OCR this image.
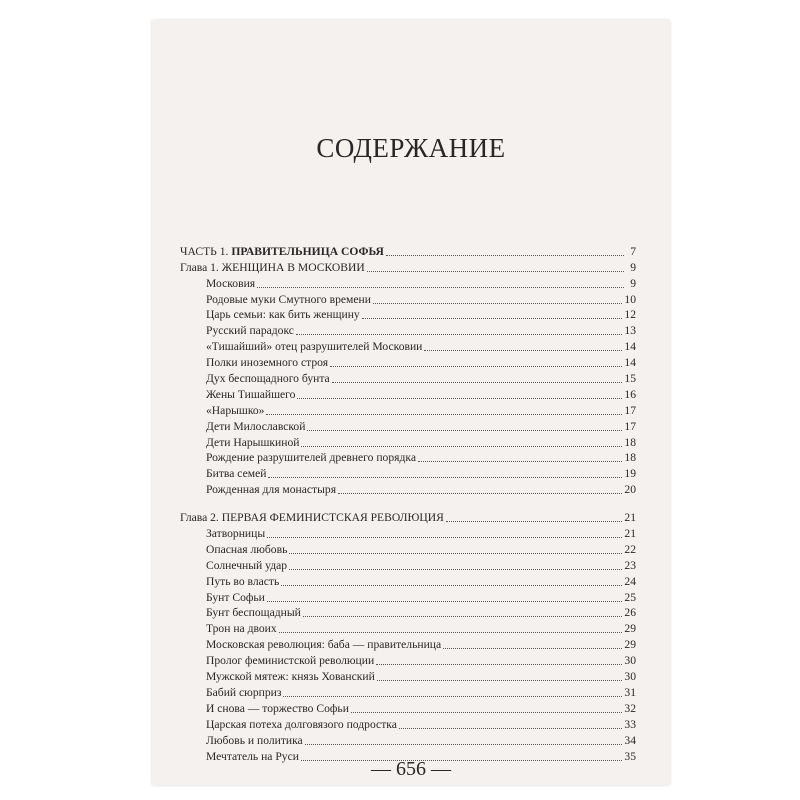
СОДЕРЖАНИЕ
ЧАСТЬ 1. ПРАВИТЕЛЬНИЦА СОФЬЯ	7
Глава 1. ЖЕНЩИНА В МОСКОВИИ	9
Московия	9
Родовые муки Смутного времени	10
Царь семьи: как бить женщину	12
Русский парадокс	13
«Тишайший» отец разрушителей Московии	14
Полки иноземного строя	14
Дух беспощадного бунта	15
Жены Тишайшего	16
«Нарышко»	17
Дети Милославской	17
Дети Нарышкиной	18
Рождение разрушителей древнего порядка	18
Битва семей	19
Рожденная для монастыря	20
Глава 2. ПЕРВАЯ ФЕМИНИСТСКАЯ РЕВОЛЮЦИЯ	21
Затворницы	21
Опасная любовь	22
Солнечный удар	23
Путь во власть	24
Бунт Софьи	25
Бунт беспощадный	26
Трон на двоих	29
Московская революция: баба — правительница	29
Пролог феминистской революции	30
Мужской мятеж: князь Хованский	30
Бабий сюрприз	31
И снова — торжество Софьи	32
Царская потеха долговязого подростка	33
Любовь и политика	34
Мечтатель на Руси	35
— 656 —
